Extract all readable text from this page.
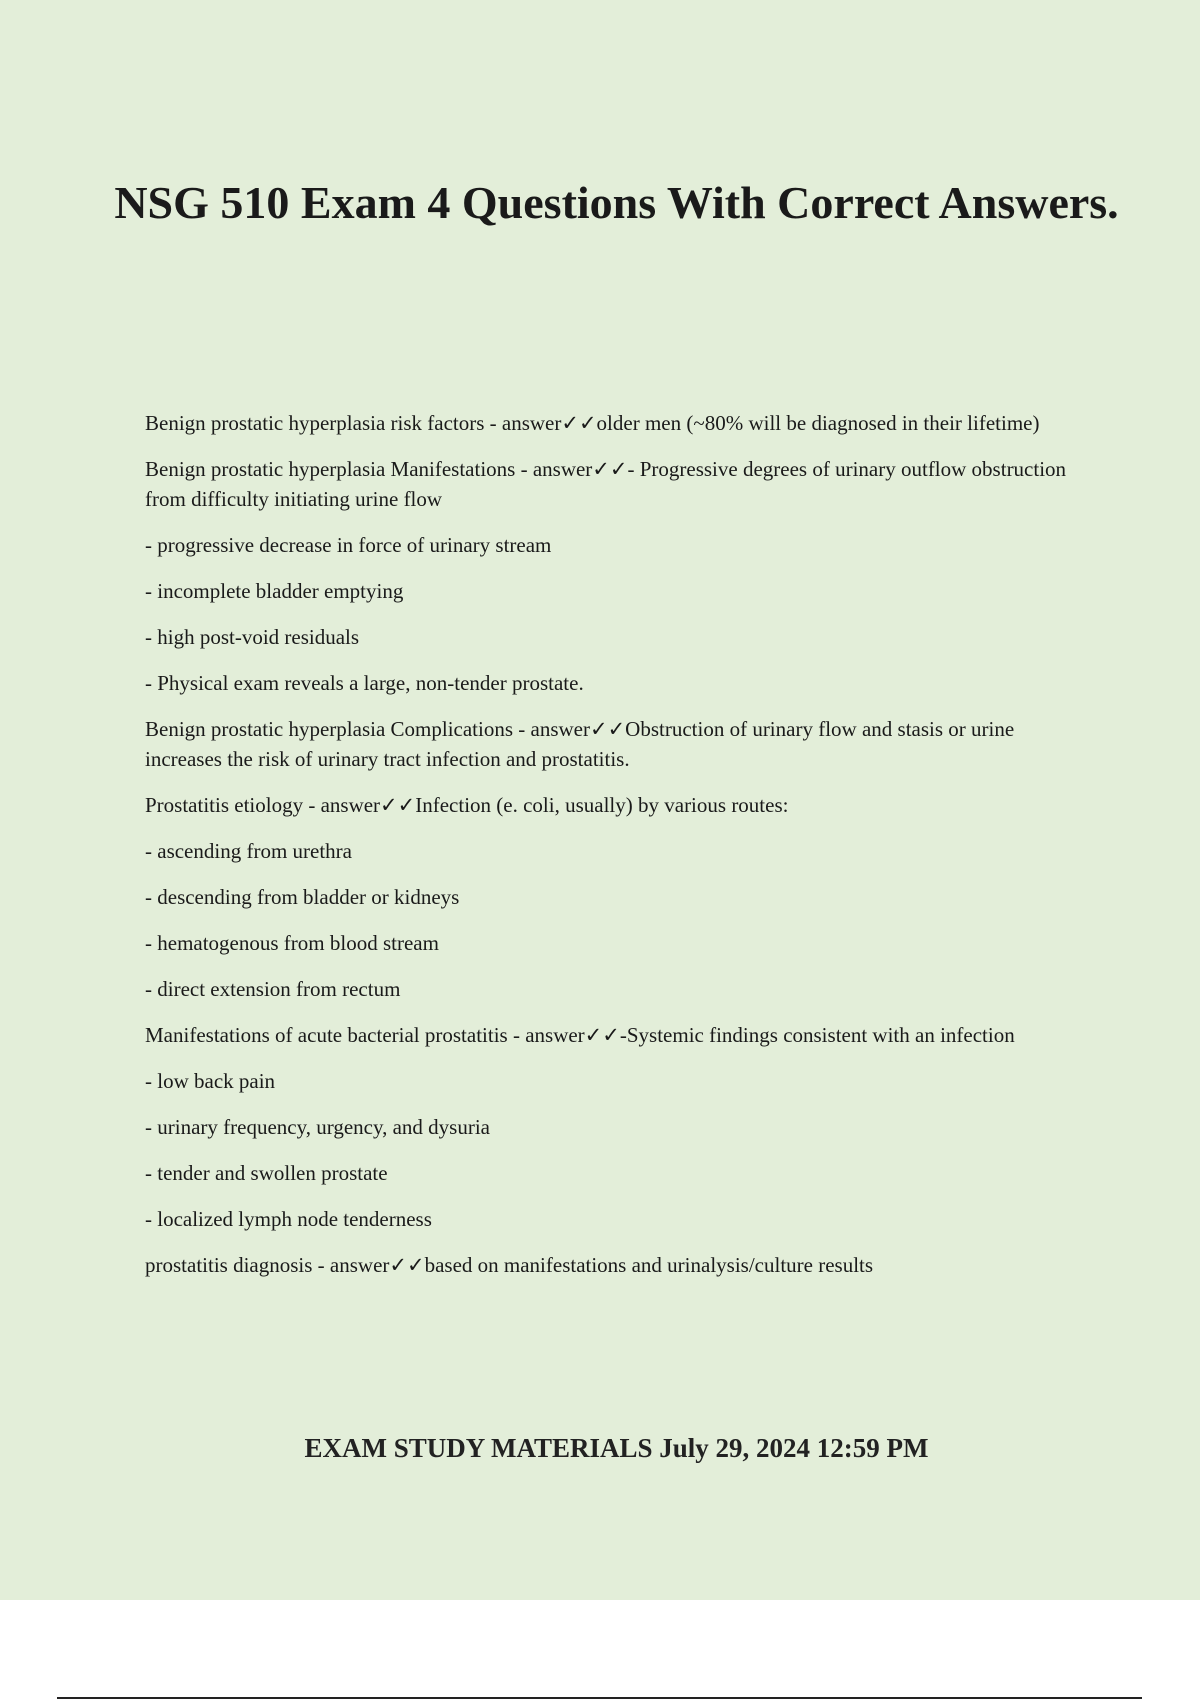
NSG 510 Exam 4 Questions With Correct Answers.

Benign prostatic hyperplasia risk factors - answer✓✓older men (~80% will be diagnosed in their lifetime)

Benign prostatic hyperplasia Manifestations - answer✓✓- Progressive degrees of urinary outflow obstruction from difficulty initiating urine flow

- progressive decrease in force of urinary stream

- incomplete bladder emptying

- high post-void residuals

- Physical exam reveals a large, non-tender prostate.

Benign prostatic hyperplasia Complications - answer✓✓Obstruction of urinary flow and stasis or urine increases the risk of urinary tract infection and prostatitis.

Prostatitis etiology - answer✓✓Infection (e. coli, usually) by various routes:

- ascending from urethra

- descending from bladder or kidneys

- hematogenous from blood stream

- direct extension from rectum

Manifestations of acute bacterial prostatitis - answer✓✓-Systemic findings consistent with an infection

- low back pain

- urinary frequency, urgency, and dysuria

- tender and swollen prostate

- localized lymph node tenderness

prostatitis diagnosis - answer✓✓based on manifestations and urinalysis/culture results

EXAM STUDY MATERIALS July 29, 2024 12:59 PM
